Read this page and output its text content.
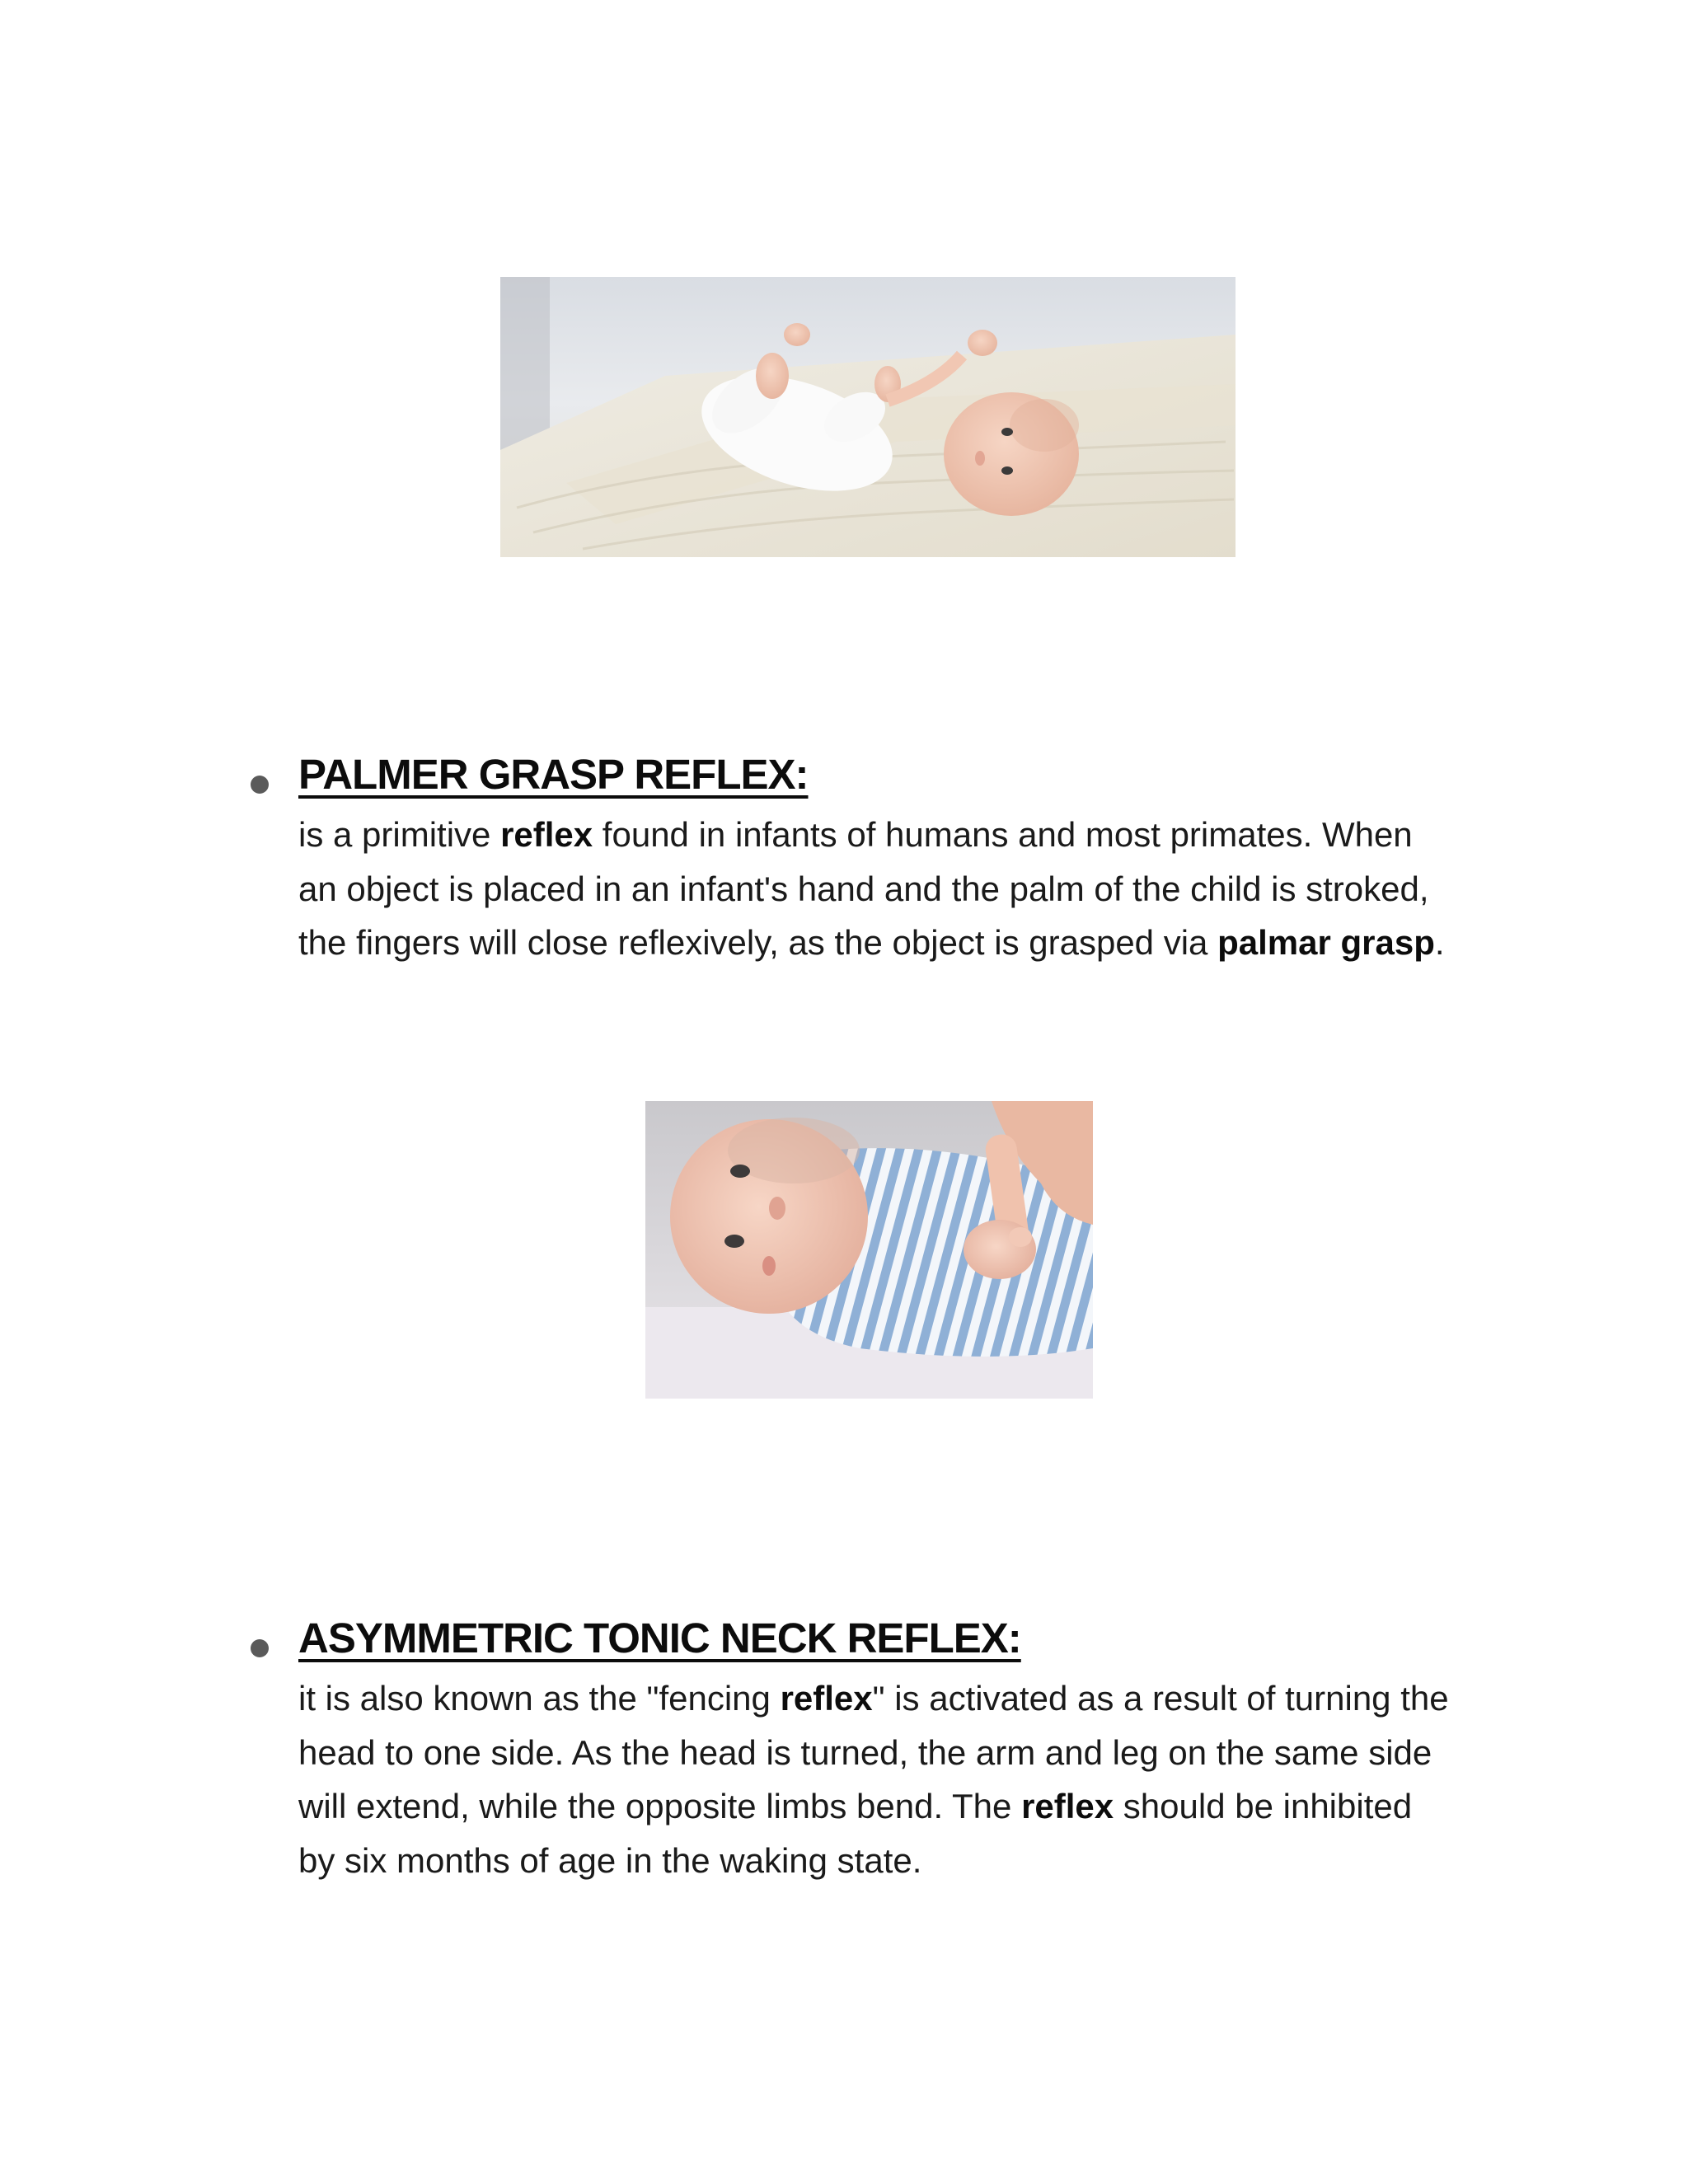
PALMER GRASP REFLEX:
is a primitive reflex found in infants of humans and most primates. When
an object is placed in an infant's hand and the palm of the child is stroked,
the fingers will close reflexively, as the object is grasped via palmar grasp.
ASYMMETRIC TONIC NECK REFLEX:
it is also known as the "fencing reflex" is activated as a result of turning the
head to one side. As the head is turned, the arm and leg on the same side
will extend, while the opposite limbs bend. The reflex should be inhibited
by six months of age in the waking state.
